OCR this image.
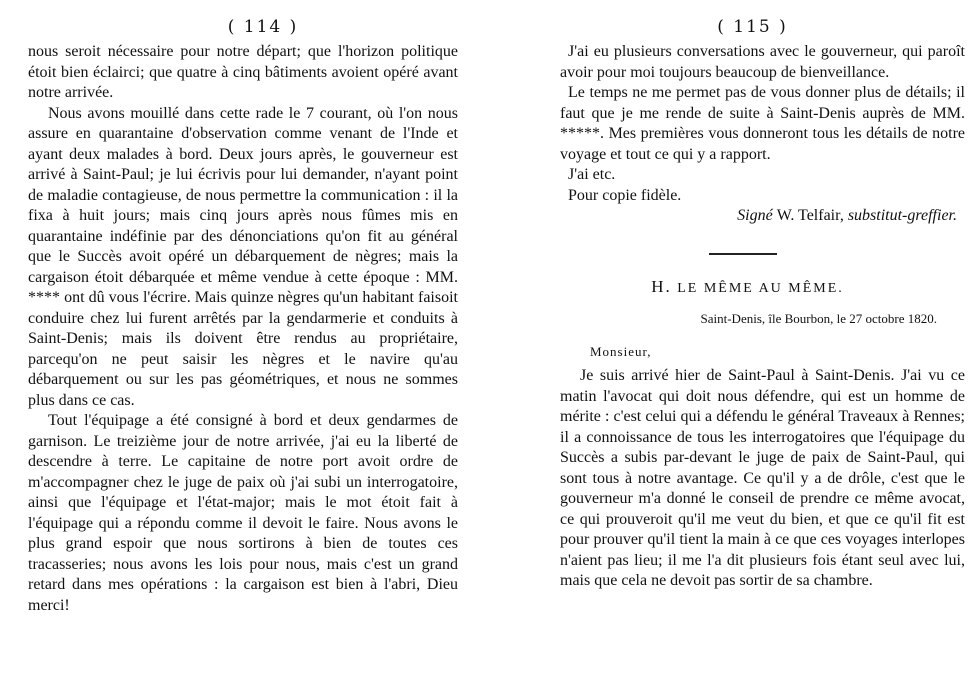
( 114 )

nous seroit nécessaire pour notre départ; que l'horizon politique étoit bien éclairci; que quatre à cinq bâtiments avoient opéré avant notre arrivée.

Nous avons mouillé dans cette rade le 7 courant, où l'on nous assure en quarantaine d'observation comme venant de l'Inde et ayant deux malades à bord. Deux jours après, le gouverneur est arrivé à Saint-Paul; je lui écrivis pour lui demander, n'ayant point de maladie contagieuse, de nous permettre la communication : il la fixa à huit jours; mais cinq jours après nous fûmes mis en quarantaine indéfinie par des dénonciations qu'on fit au général que le Succès avoit opéré un débarquement de nègres; mais la cargaison étoit débarquée et même vendue à cette époque : MM. **** ont dû vous l'écrire. Mais quinze nègres qu'un habitant faisoit conduire chez lui furent arrêtés par la gendarmerie et conduits à Saint-Denis; mais ils doivent être rendus au propriétaire, parcequ'on ne peut saisir les nègres et le navire qu'au débarquement ou sur les pas géométriques, et nous ne sommes plus dans ce cas.

Tout l'équipage a été consigné à bord et deux gendarmes de garnison. Le treizième jour de notre arrivée, j'ai eu la liberté de descendre à terre. Le capitaine de notre port avoit ordre de m'accompagner chez le juge de paix où j'ai subi un interrogatoire, ainsi que l'équipage et l'état-major; mais le mot étoit fait à l'équipage qui a répondu comme il devoit le faire. Nous avons le plus grand espoir que nous sortirons à bien de toutes ces tracasseries; nous avons les lois pour nous, mais c'est un grand retard dans mes opérations : la cargaison est bien à l'abri, Dieu merci!

( 115 )

J'ai eu plusieurs conversations avec le gouverneur, qui paroît avoir pour moi toujours beaucoup de bienveillance.

Le temps ne me permet pas de vous donner plus de détails; il faut que je me rende de suite à Saint-Denis auprès de MM. *****. Mes premières vous donneront tous les détails de notre voyage et tout ce qui y a rapport.

J'ai etc.

Pour copie fidèle.

Signé W. Telfair, substitut-greffier.
H. LE MÊME AU MÊME.
Saint-Denis, île Bourbon, le 27 octobre 1820.
Monsieur,

Je suis arrivé hier de Saint-Paul à Saint-Denis. J'ai vu ce matin l'avocat qui doit nous défendre, qui est un homme de mérite : c'est celui qui a défendu le général Traveaux à Rennes; il a connoissance de tous les interrogatoires que l'équipage du Succès a subis par-devant le juge de paix de Saint-Paul, qui sont tous à notre avantage. Ce qu'il y a de drôle, c'est que le gouverneur m'a donné le conseil de prendre ce même avocat, ce qui prouveroit qu'il me veut du bien, et que ce qu'il fit est pour prouver qu'il tient la main à ce que ces voyages interlopes n'aient pas lieu; il me l'a dit plusieurs fois étant seul avec lui, mais que cela ne devoit pas sortir de sa chambre.
